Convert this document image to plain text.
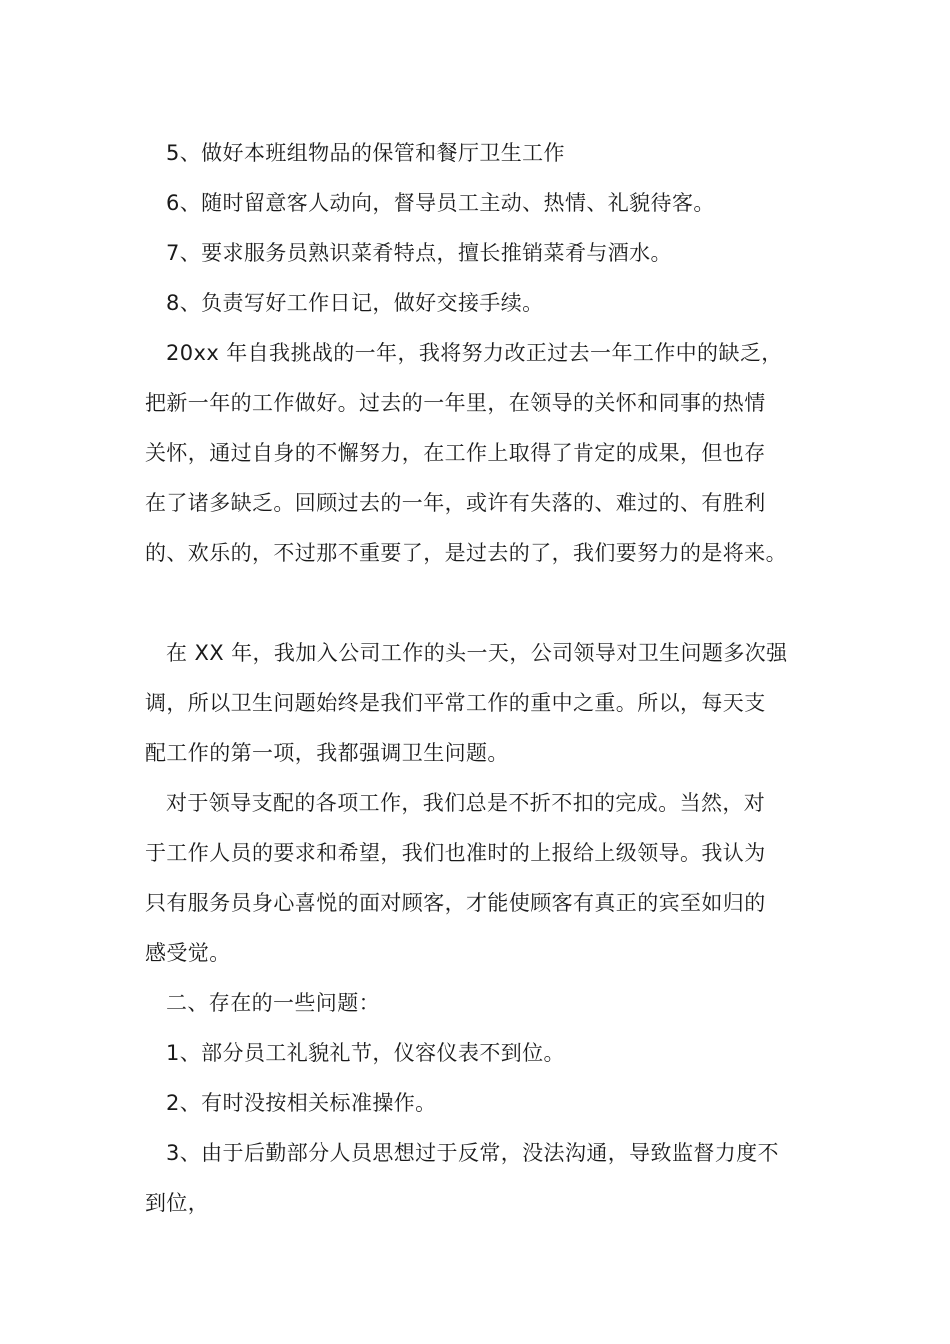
5、做好本班组物品的保管和餐厅卫生工作
6、随时留意客人动向，督导员工主动、热情、礼貌待客。
7、要求服务员熟识菜肴特点，擅长推销菜肴与酒水。
8、负责写好工作日记，做好交接手续。
20xx 年自我挑战的一年，我将努力改正过去一年工作中的缺乏，
把新一年的工作做好。过去的一年里，在领导的关怀和同事的热情
关怀，通过自身的不懈努力，在工作上取得了肯定的成果，但也存
在了诸多缺乏。回顾过去的一年，或许有失落的、难过的、有胜利
的、欢乐的，不过那不重要了，是过去的了，我们要努力的是将来。
在 XX 年，我加入公司工作的头一天，公司领导对卫生问题多次强
调，所以卫生问题始终是我们平常工作的重中之重。所以，每天支
配工作的第一项，我都强调卫生问题。
对于领导支配的各项工作，我们总是不折不扣的完成。当然，对
于工作人员的要求和希望，我们也准时的上报给上级领导。我认为
只有服务员身心喜悦的面对顾客，才能使顾客有真正的宾至如归的
感受觉。
二、存在的一些问题：
1、部分员工礼貌礼节，仪容仪表不到位。
2、有时没按相关标准操作。
3、由于后勤部分人员思想过于反常，没法沟通，导致监督力度不
到位，
